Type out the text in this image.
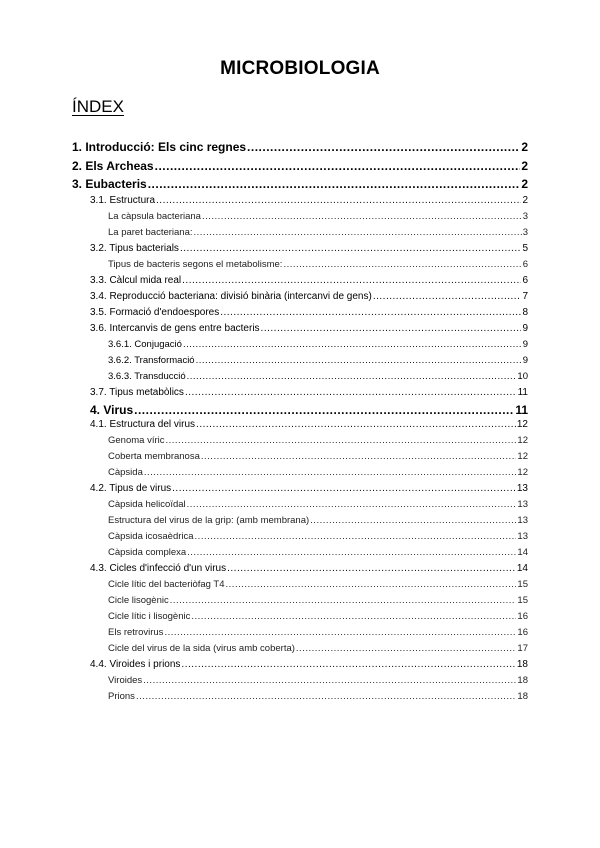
MICROBIOLOGIA
ÍNDEX
1. Introducció: Els cinc regnes .....	2
2. Els Archeas .....	2
3. Eubacteris .....	2
3.1. Estructura .....	2
La càpsula bacteriana .....	3
La paret bacteriana: .....	3
3.2. Tipus bacterials .....	5
Tipus de bacteris segons el metabolisme: .....	6
3.3. Càlcul mida real .....	6
3.4. Reproducció bacteriana: divisió binària (intercanvi de gens) .....	7
3.5. Formació d'endoespores .....	8
3.6. Intercanvis de gens entre bacteris .....	9
3.6.1. Conjugació .....	9
3.6.2. Transformació .....	9
3.6.3. Transducció .....	10
3.7. Tipus metabòlics .....	11
4. Virus .....	11
4.1. Estructura del virus .....	12
Genoma víric .....	12
Coberta membranosa .....	12
Càpsida .....	12
4.2. Tipus de virus .....	13
Càpsida helicoïdal .....	13
Estructura del virus de la grip: (amb membrana) .....	13
Càpsida icosaèdrica .....	13
Càpsida complexa .....	14
4.3. Cicles d'infecció d'un virus .....	14
Cicle lític del bacteriòfag T4 .....	15
Cicle lisogènic .....	15
Cicle lític i lisogènic .....	16
Els retrovirus .....	16
Cicle del virus de la sida (virus amb coberta) .....	17
4.4. Viroides i prions .....	18
Viroides .....	18
Prions .....	18
